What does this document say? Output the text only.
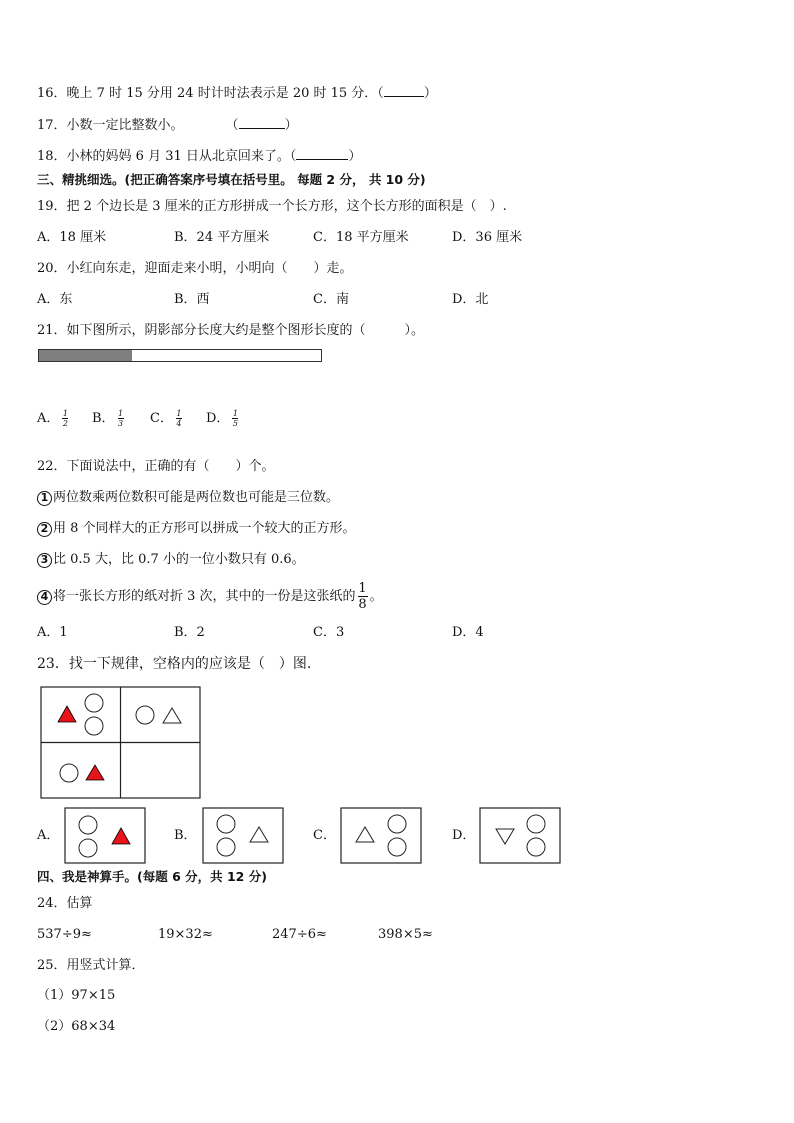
16．晚上 7 时 15 分用 24 时计时法表示是 20 时 15 分．（	）
17．小数一定比整数小。	（	）
18．小林的妈妈 6 月 31 日从北京回来了。（	）
三、精挑细选。(把正确答案序号填在括号里。 每题 2 分， 共 10 分)
19．把 2 个边长是 3 厘米的正方形拼成一个长方形，这个长方形的面积是（　）.
A．18 厘米	B．24 平方厘米	C．18 平方厘米	D．36 厘米
20．小红向东走，迎面走来小明，小明向（　　）走。
A．东	B．西	C．南	D．北
21．如下图所示，阴影部分长度大约是整个图形长度的（　　　）。
A． $\frac{1}{2}$ B． $\frac{1}{3}$ C． $\frac{1}{4}$ D． $\frac{1}{5}$
22．下面说法中，正确的有（　　）个。
1 两位数乘两位数积可能是两位数也可能是三位数。
2 用 8 个同样大的正方形可以拼成一个较大的正方形。
3 比 0.5 大，比 0.7 小的一位小数只有 0.6。
4 将一张长方形的纸对折 3 次，其中的一份是这张纸的 $\frac{1}{8}$ 。
A．1	B．2	C．3	D．4
23．找一下规律，空格内的应该是（　）图.
A．	B．	C．	D．
四、我是神算手。(每题 6 分，共 12 分)
24．估算
537÷9≈	19×32≈	247÷6≈	398×5≈
25．用竖式计算．
（1）97×15
（2）68×34
